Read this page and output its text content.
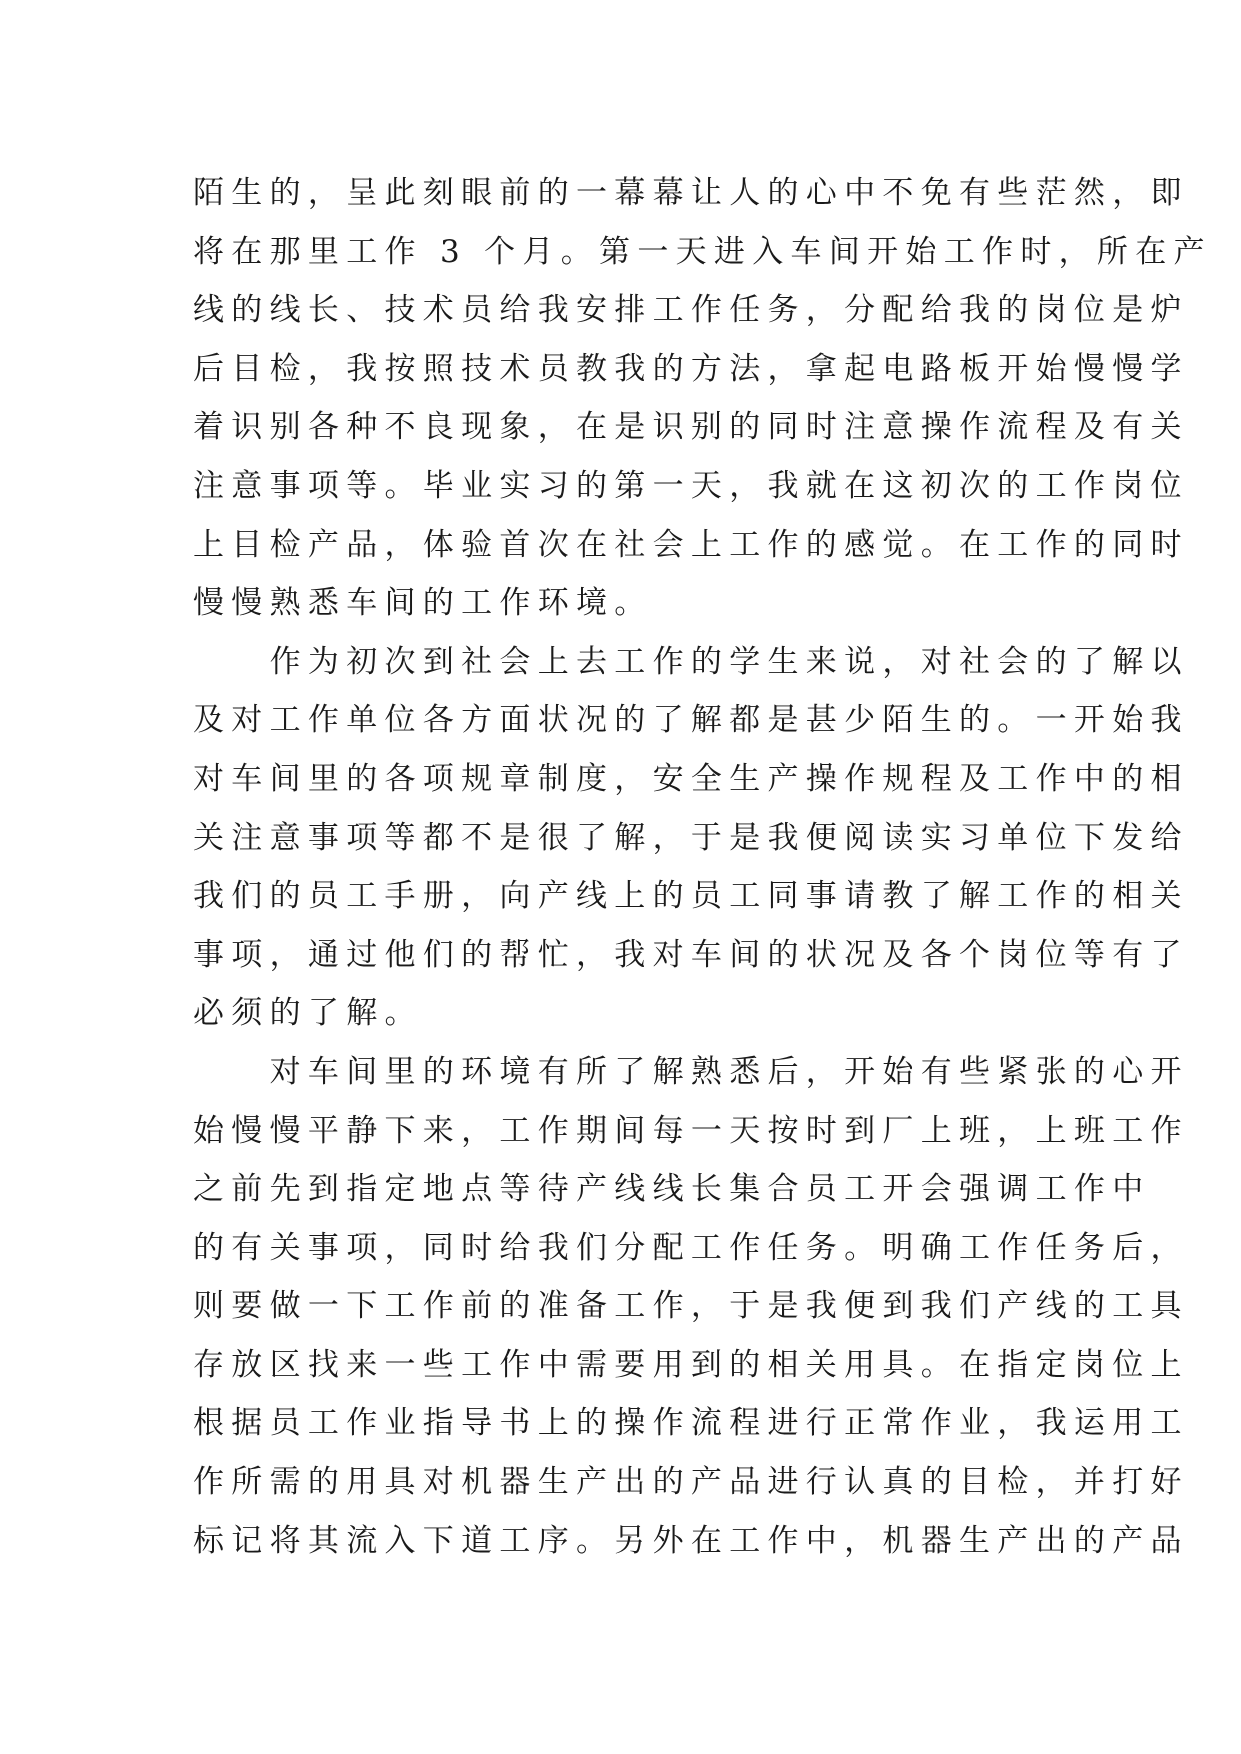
陌生的，呈此刻眼前的一幕幕让人的心中不免有些茫然，即
将在那里工作 3 个月。第一天进入车间开始工作时，所在产
线的线长、技术员给我安排工作任务，分配给我的岗位是炉
后目检，我按照技术员教我的方法，拿起电路板开始慢慢学
着识别各种不良现象，在是识别的同时注意操作流程及有关
注意事项等。毕业实习的第一天，我就在这初次的工作岗位
上目检产品，体验首次在社会上工作的感觉。在工作的同时
慢慢熟悉车间的工作环境。
　　作为初次到社会上去工作的学生来说，对社会的了解以
及对工作单位各方面状况的了解都是甚少陌生的。一开始我
对车间里的各项规章制度，安全生产操作规程及工作中的相
关注意事项等都不是很了解，于是我便阅读实习单位下发给
我们的员工手册，向产线上的员工同事请教了解工作的相关
事项，通过他们的帮忙，我对车间的状况及各个岗位等有了
必须的了解。
　　对车间里的环境有所了解熟悉后，开始有些紧张的心开
始慢慢平静下来，工作期间每一天按时到厂上班，上班工作
之前先到指定地点等待产线线长集合员工开会强调工作中
的有关事项，同时给我们分配工作任务。明确工作任务后，
则要做一下工作前的准备工作，于是我便到我们产线的工具
存放区找来一些工作中需要用到的相关用具。在指定岗位上
根据员工作业指导书上的操作流程进行正常作业，我运用工
作所需的用具对机器生产出的产品进行认真的目检，并打好
标记将其流入下道工序。另外在工作中，机器生产出的产品
